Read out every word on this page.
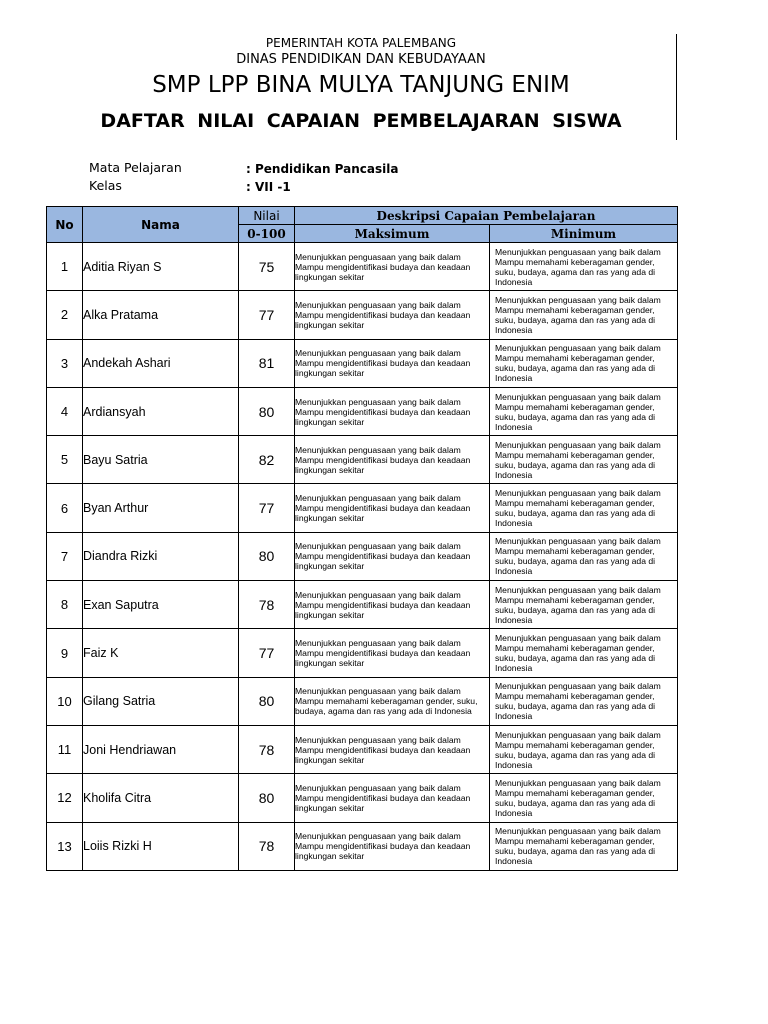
PEMERINTAH KOTA PALEMBANG
DINAS PENDIDIKAN DAN KEBUDAYAAN
SMP LPP BINA MULYA TANJUNG ENIM
DAFTAR NILAI CAPAIAN PEMBELAJARAN SISWA
Mata Pelajaran	: Pendidikan Pancasila
Kelas	: VII -1
No	Nama	Nilai	Deskripsi Capaian Pembelajaran	
		0-100	Maksimum	Minimum
1	Aditia Riyan S	75	Menunjukkan penguasaan yang baik dalam Mampu mengidentifikasi budaya dan keadaan lingkungan sekitar	Menunjukkan penguasaan yang baik dalam Mampu memahami keberagaman gender, suku, budaya, agama dan ras yang ada di Indonesia
2	Alka Pratama	77	Menunjukkan penguasaan yang baik dalam Mampu mengidentifikasi budaya dan keadaan lingkungan sekitar	Menunjukkan penguasaan yang baik dalam Mampu memahami keberagaman gender, suku, budaya, agama dan ras yang ada di Indonesia
3	Andekah Ashari	81	Menunjukkan penguasaan yang baik dalam Mampu mengidentifikasi budaya dan keadaan lingkungan sekitar	Menunjukkan penguasaan yang baik dalam Mampu memahami keberagaman gender, suku, budaya, agama dan ras yang ada di Indonesia
4	Ardiansyah	80	Menunjukkan penguasaan yang baik dalam Mampu mengidentifikasi budaya dan keadaan lingkungan sekitar	Menunjukkan penguasaan yang baik dalam Mampu memahami keberagaman gender, suku, budaya, agama dan ras yang ada di Indonesia
5	Bayu Satria	82	Menunjukkan penguasaan yang baik dalam Mampu mengidentifikasi budaya dan keadaan lingkungan sekitar	Menunjukkan penguasaan yang baik dalam Mampu memahami keberagaman gender, suku, budaya, agama dan ras yang ada di Indonesia
6	Byan Arthur	77	Menunjukkan penguasaan yang baik dalam Mampu mengidentifikasi budaya dan keadaan lingkungan sekitar	Menunjukkan penguasaan yang baik dalam Mampu memahami keberagaman gender, suku, budaya, agama dan ras yang ada di Indonesia
7	Diandra Rizki	80	Menunjukkan penguasaan yang baik dalam Mampu mengidentifikasi budaya dan keadaan lingkungan sekitar	Menunjukkan penguasaan yang baik dalam Mampu memahami keberagaman gender, suku, budaya, agama dan ras yang ada di Indonesia
8	Exan Saputra	78	Menunjukkan penguasaan yang baik dalam Mampu mengidentifikasi budaya dan keadaan lingkungan sekitar	Menunjukkan penguasaan yang baik dalam Mampu memahami keberagaman gender, suku, budaya, agama dan ras yang ada di Indonesia
9	Faiz K	77	Menunjukkan penguasaan yang baik dalam Mampu mengidentifikasi budaya dan keadaan lingkungan sekitar	Menunjukkan penguasaan yang baik dalam Mampu memahami keberagaman gender, suku, budaya, agama dan ras yang ada di Indonesia
10	Gilang Satria	80	Menunjukkan penguasaan yang baik dalam Mampu memahami keberagaman gender, suku, budaya, agama dan ras yang ada di Indonesia	Menunjukkan penguasaan yang baik dalam Mampu memahami keberagaman gender, suku, budaya, agama dan ras yang ada di Indonesia
11	Joni Hendriawan	78	Menunjukkan penguasaan yang baik dalam Mampu mengidentifikasi budaya dan keadaan lingkungan sekitar	Menunjukkan penguasaan yang baik dalam Mampu memahami keberagaman gender, suku, budaya, agama dan ras yang ada di Indonesia
12	Kholifa Citra	80	Menunjukkan penguasaan yang baik dalam Mampu mengidentifikasi budaya dan keadaan lingkungan sekitar	Menunjukkan penguasaan yang baik dalam Mampu memahami keberagaman gender, suku, budaya, agama dan ras yang ada di Indonesia
13	Loiis Rizki H	78	Menunjukkan penguasaan yang baik dalam Mampu mengidentifikasi budaya dan keadaan lingkungan sekitar	Menunjukkan penguasaan yang baik dalam Mampu memahami keberagaman gender, suku, budaya, agama dan ras yang ada di Indonesia
